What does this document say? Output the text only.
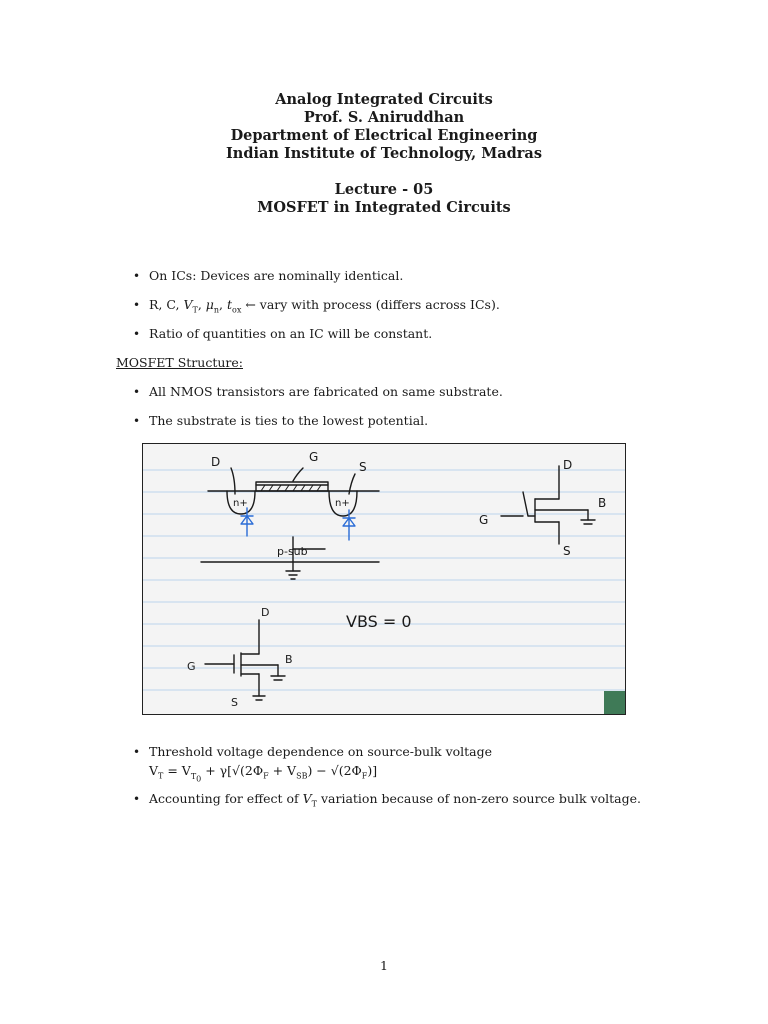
Analog Integrated Circuits
Prof. S. Aniruddhan
Department of Electrical Engineering
Indian Institute of Technology, Madras
Lecture - 05
MOSFET in Integrated Circuits
• On ICs: Devices are nominally identical.
• R, C, $V_T$, $\mu_n$, $t_{ox}$ ← vary with process (differs across ICs).
• Ratio of quantities on an IC will be constant.
MOSFET Structure:
• All NMOS transistors are fabricated on same substrate.
• The substrate is ties to the lowest potential.
D	G
S
n+	n+
p-sub
D
G
B
S
D
G
B
S
VBS = 0
• Threshold voltage dependence on source-bulk voltage
$V_T = V_{T_0} + \gamma[√(2\Phi_F + V_{SB}) - √(2\Phi_F)]$
• Accounting for effect of $V_T$ variation because of non-zero source bulk voltage.
1
